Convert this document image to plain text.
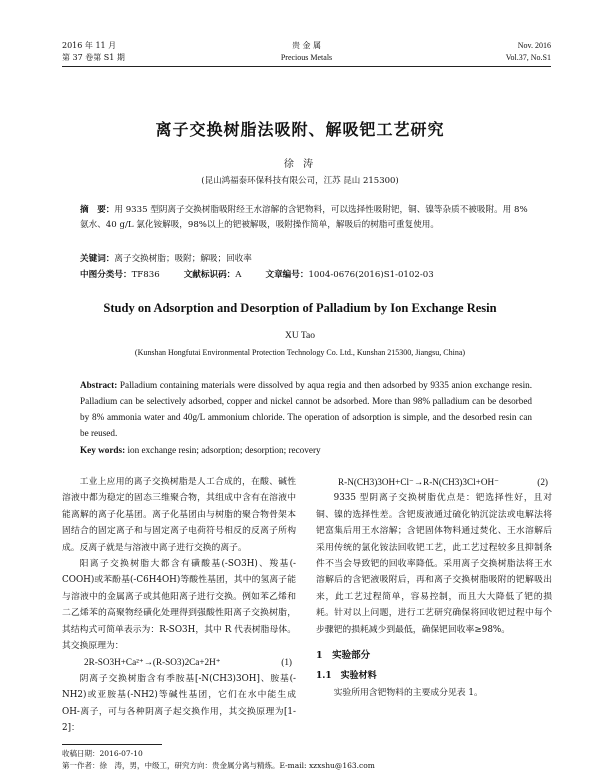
2016 年 11 月
第 37 卷第 S1 期
贵 金 属
Precious Metals
Nov. 2016
Vol.37, No.S1
离子交换树脂法吸附、解吸钯工艺研究
徐 涛
(昆山鸿福泰环保科技有限公司，江苏 昆山 215300)
摘　要：用 9335 型阴离子交换树脂吸附经王水溶解的含钯物料，可以选择性吸附钯，铜、镍等杂质不被吸附。用 8%氨水、40 g/L 氯化铵解吸，98%以上的钯被解吸，吸附操作简单，解吸后的树脂可重复使用。
关键词：离子交换树脂；吸附；解吸；回收率
中图分类号：TF836	文献标识码：A	文章编号：1004-0676(2016)S1-0102-03
Study on Adsorption and Desorption of Palladium by Ion Exchange Resin
XU Tao
(Kunshan Hongfutai Environmental Protection Technology Co. Ltd., Kunshan 215300, Jiangsu, China)
Abstract: Palladium containing materials were dissolved by aqua regia and then adsorbed by 9335 anion exchange resin. Palladium can be selectively adsorbed, copper and nickel cannot be adsorbed. More than 98% palladium can be desorbed by 8% ammonia water and 40g/L ammonium chloride. The operation of adsorption is simple, and the desorbed resin can be reused.
Key words: ion exchange resin; adsorption; desorption; recovery

工业上应用的离子交换树脂是人工合成的，在酸、碱性溶液中都为稳定的固态三维聚合物，其组成中含有在溶液中能离解的离子化基团。离子化基团由与树脂的聚合物骨架本固结合的固定离子和与固定离子电荷符号相反的反离子所构成。反离子就是与溶液中离子进行交换的离子。

阳离子交换树脂大都含有磺酸基(-SO3H)、羧基(-COOH)或苯酚基(-C6H4OH)等酸性基团，其中的氢离子能与溶液中的金属离子或其他阳离子进行交换。例如苯乙烯和二乙烯苯的高聚物经磺化处理得到强酸性阳离子交换树脂，其结构式可简单表示为：R-SO3H，其中 R 代表树脂母体。其交换原理为：

2R-SO3H+Ca²⁺→(R-SO3)2Ca+2H⁺	(1)

阴离子交换树脂含有季胺基[-N(CH3)3OH]、胺基(-NH2)或亚胺基(-NH2)等碱性基团，它们在水中能生成 OH-离子，可与各种阴离子起交换作用，其交换原理为[1-2]：

R-N(CH3)3OH+Cl⁻→R-N(CH3)3Cl+OH⁻	(2)

9335 型阴离子交换树脂优点是：钯选择性好，且对铜、镍的选择性差。含钯废液通过硫化钠沉淀法或电解法将钯富集后用王水溶解；含钯固体物料通过焚化、王水溶解后采用传统的氯化铵法回收钯工艺，此工艺过程较多且抑制条件不当会导致钯的回收率降低。采用离子交换树脂法将王水溶解后的含钯液吸附后，再和离子交换树脂吸附的钯解吸出来，此工艺过程简单，容易控制，而且大大降低了钯的损耗。针对以上问题，进行工艺研究确保将回收钯过程中每个步骤钯的损耗减少到最低，确保钯回收率≥98%。

1　实验部分
1.1　实验材料

实验所用含钯物料的主要成分见表 1。

收稿日期：2016-07-10
第一作者：徐　涛，男，中级工，研究方向：贵金属分离与精炼。E-mail: xzxshu@163.com
